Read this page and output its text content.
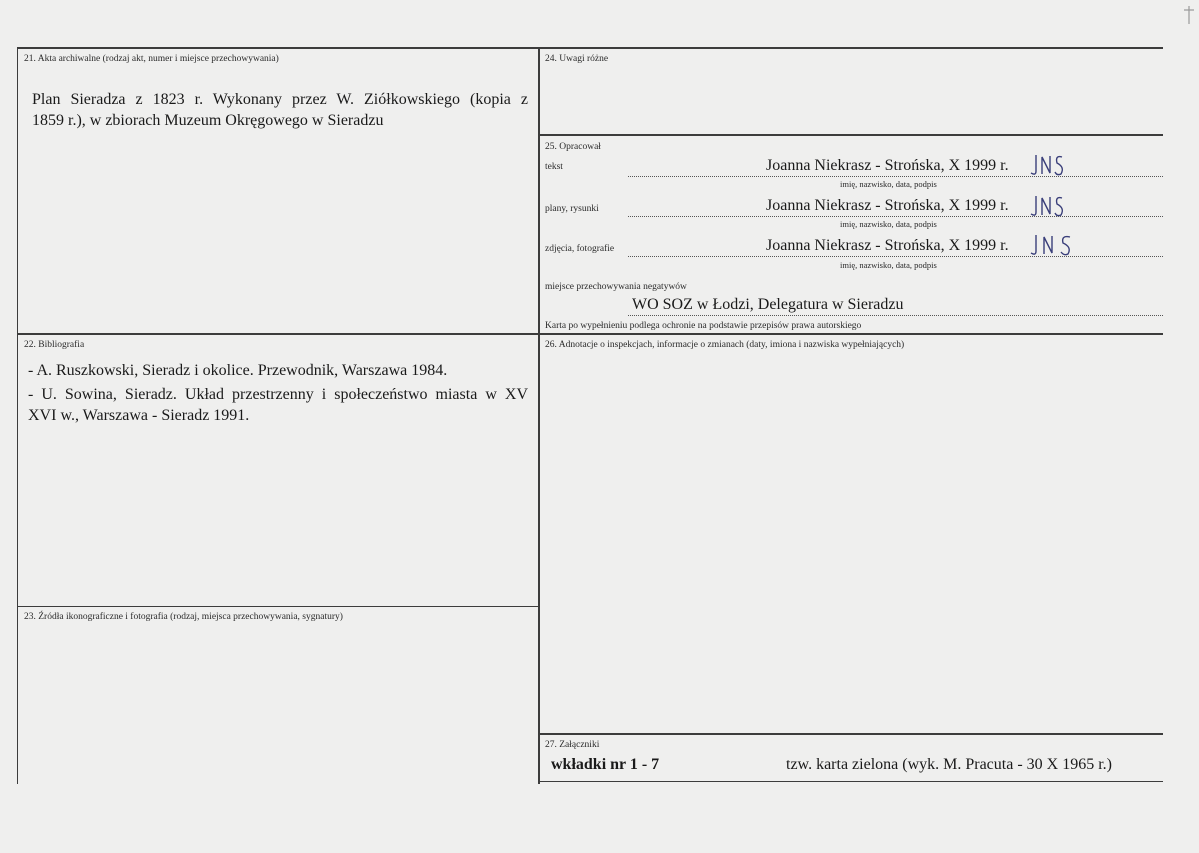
21. Akta archiwalne (rodzaj akt, numer i miejsce przechowywania)
Plan Sieradza z 1823 r. Wykonany przez W. Ziółkowskiego (kopia z
1859 r.), w zbiorach Muzeum Okręgowego w Sieradzu
22. Bibliografia
- A. Ruszkowski, Sieradz i okolice. Przewodnik, Warszawa 1984.
- U. Sowina, Sieradz. Układ przestrzenny i społeczeństwo miasta w XV
XVI w., Warszawa - Sieradz 1991.
23. Źródła ikonograficzne i fotografia (rodzaj, miejsca przechowywania, sygnatury)
24. Uwagi różne
25. Opracował
tekst	Joanna Niekrasz - Strońska, X 1999 r.
imię, nazwisko, data, podpis
plany, rysunki	Joanna Niekrasz - Strońska, X 1999 r.
imię, nazwisko, data, podpis
zdjęcia, fotografie	Joanna Niekrasz - Strońska, X 1999 r.
imię, nazwisko, data, podpis
miejsce przechowywania negatywów
WO SOZ w Łodzi, Delegatura w Sieradzu
Karta po wypełnieniu podlega ochronie na podstawie przepisów prawa autorskiego
26. Adnotacje o inspekcjach, informacje o zmianach (daty, imiona i nazwiska wypełniających)
27. Załączniki
wkładki nr 1 - 7	tzw. karta zielona (wyk. M. Pracuta - 30 X 1965 r.)
